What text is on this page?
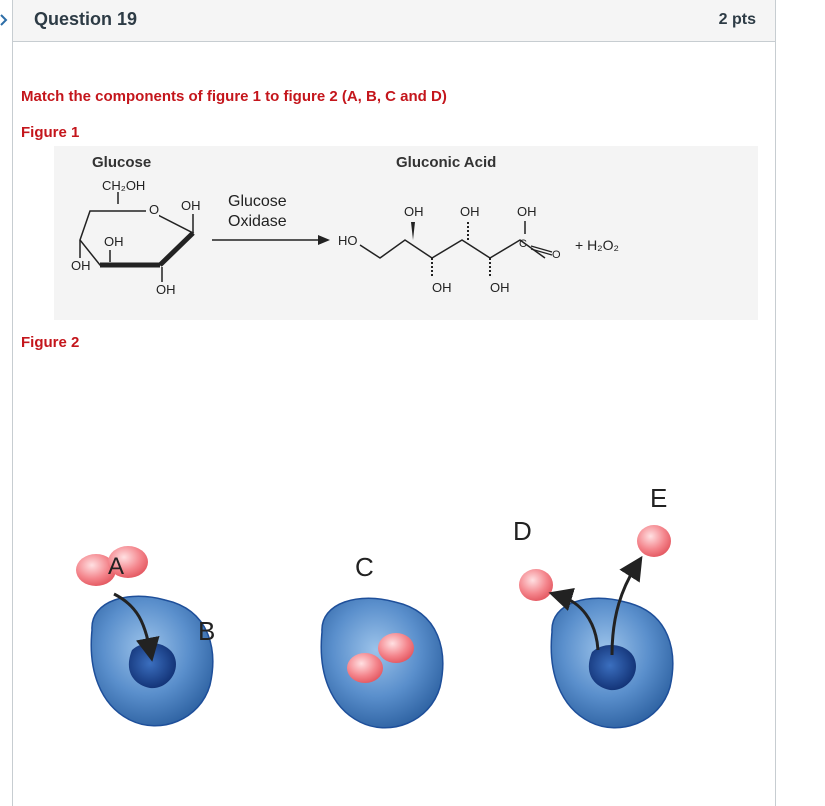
Question 19	2 pts
Match the components of figure 1 to figure 2 (A, B, C and D)
Figure 1
Glucose
CH₂OH
O OH
OH
OH
OH
Glucose
Oxidase
Gluconic Acid
HO
OH	OH	OH
C
O
OH	OH
+ H₂O₂
Figure 2
A
B
C
D
E
